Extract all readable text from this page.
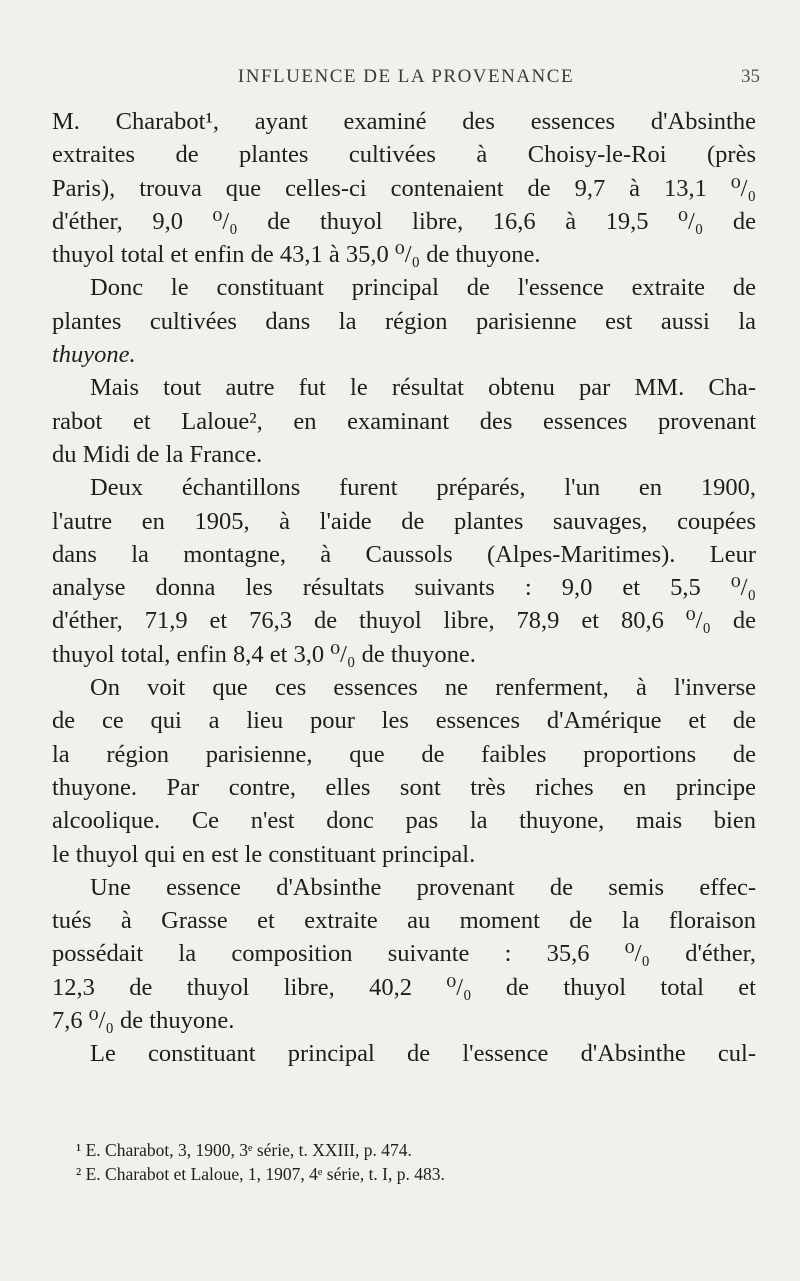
INFLUENCE DE LA PROVENANCE	35
M. Charabot¹, ayant examiné des essences d'Absinthe
extraites de plantes cultivées à Choisy-le-Roi (près
Paris), trouva que celles-ci contenaient de 9,7 à 13,1 ⁰/₀
d'éther, 9,0 ⁰/₀ de thuyol libre, 16,6 à 19,5 ⁰/₀ de
thuyol total et enfin de 43,1 à 35,0 ⁰/₀ de thuyone.
Donc le constituant principal de l'essence extraite de
plantes cultivées dans la région parisienne est aussi la
thuyone.
Mais tout autre fut le résultat obtenu par MM. Cha-
rabot et Laloue², en examinant des essences provenant
du Midi de la France.
Deux échantillons furent préparés, l'un en 1900,
l'autre en 1905, à l'aide de plantes sauvages, coupées
dans la montagne, à Caussols (Alpes-Maritimes). Leur
analyse donna les résultats suivants : 9,0 et 5,5 ⁰/₀
d'éther, 71,9 et 76,3 de thuyol libre, 78,9 et 80,6 ⁰/₀ de
thuyol total, enfin 8,4 et 3,0 ⁰/₀ de thuyone.
On voit que ces essences ne renferment, à l'inverse
de ce qui a lieu pour les essences d'Amérique et de
la région parisienne, que de faibles proportions de
thuyone. Par contre, elles sont très riches en principe
alcoolique. Ce n'est donc pas la thuyone, mais bien
le thuyol qui en est le constituant principal.
Une essence d'Absinthe provenant de semis effec-
tués à Grasse et extraite au moment de la floraison
possédait la composition suivante : 35,6 ⁰/₀ d'éther,
12,3 de thuyol libre, 40,2 ⁰/₀ de thuyol total et
7,6 ⁰/₀ de thuyone.
Le constituant principal de l'essence d'Absinthe cul-
¹ E. Charabot, 3, 1900, 3ᵉ série, t. XXIII, p. 474.
² E. Charabot et Laloue, 1, 1907, 4ᵉ série, t. I, p. 483.
